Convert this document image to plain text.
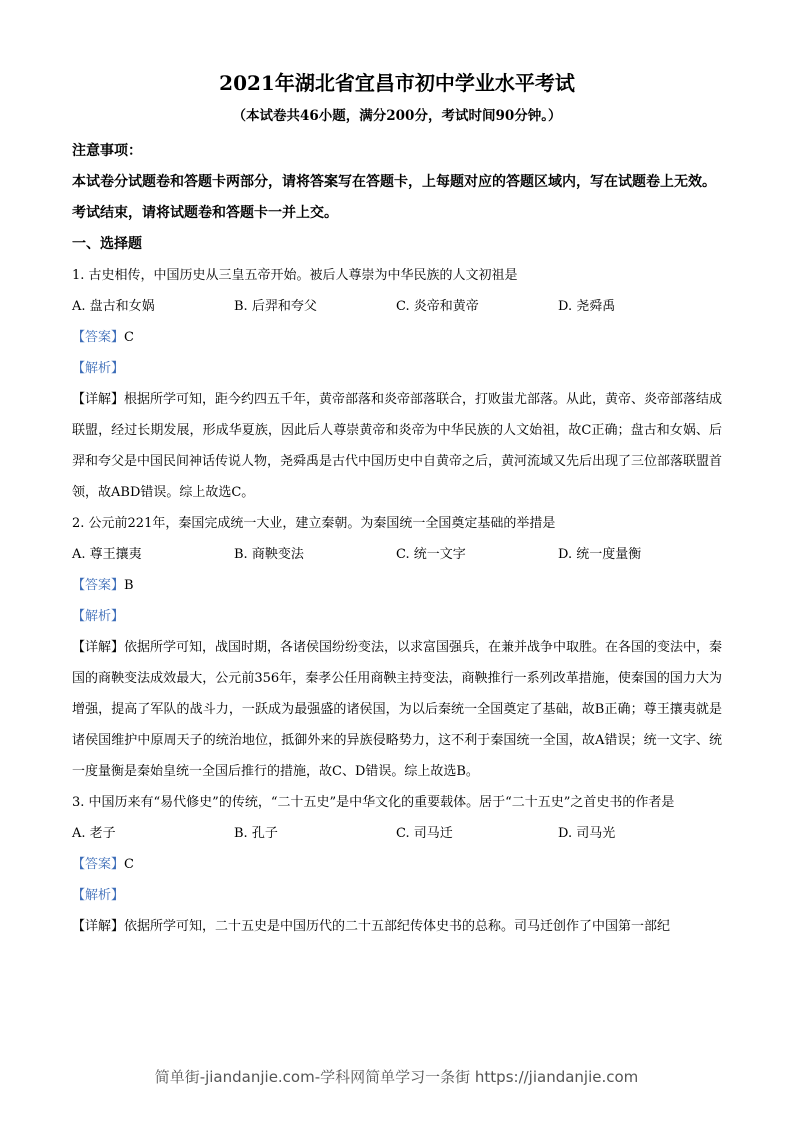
2021年湖北省宜昌市初中学业水平考试

（本试卷共46小题，满分200分，考试时间90分钟。）

注意事项：

本试卷分试题卷和答题卡两部分，请将答案写在答题卡，上每题对应的答题区域内，写在试题卷上无效。

考试结束，请将试题卷和答题卡一并上交。

一、选择题

1. 古史相传，中国历史从三皇五帝开始。被后人尊崇为中华民族的人文初祖是

A. 盘古和女娲	B. 后羿和夸父	C. 炎帝和黄帝	D. 尧舜禹

【答案】C

【解析】

【详解】根据所学可知，距今约四五千年，黄帝部落和炎帝部落联合，打败蚩尤部落。从此，黄帝、炎帝部落结成联盟，经过长期发展，形成华夏族，因此后人尊崇黄帝和炎帝为中华民族的人文始祖，故C正确；盘古和女娲、后羿和夸父是中国民间神话传说人物，尧舜禹是古代中国历史中自黄帝之后，黄河流域又先后出现了三位部落联盟首领，故ABD错误。综上故选C。

2. 公元前221年，秦国完成统一大业，建立秦朝。为秦国统一全国奠定基础的举措是

A. 尊王攘夷	B. 商鞅变法	C. 统一文字	D. 统一度量衡

【答案】B

【解析】

【详解】依据所学可知，战国时期，各诸侯国纷纷变法，以求富国强兵，在兼并战争中取胜。在各国的变法中，秦国的商鞅变法成效最大，公元前356年，秦孝公任用商鞅主持变法，商鞅推行一系列改革措施，使秦国的国力大为增强，提高了军队的战斗力，一跃成为最强盛的诸侯国，为以后秦统一全国奠定了基础，故B正确；尊王攘夷就是诸侯国维护中原周天子的统治地位，抵御外来的异族侵略势力，这不利于秦国统一全国，故A错误；统一文字、统一度量衡是秦始皇统一全国后推行的措施，故C、D错误。综上故选B。

3. 中国历来有“易代修史”的传统，“二十五史”是中华文化的重要载体。居于“二十五史”之首史书的作者是

A. 老子	B. 孔子	C. 司马迁	D. 司马光

【答案】C

【解析】

【详解】依据所学可知，二十五史是中国历代的二十五部纪传体史书的总称。司马迁创作了中国第一部纪

简单街-jiandanjie.com-学科网简单学习一条街 https://jiandanjie.com
